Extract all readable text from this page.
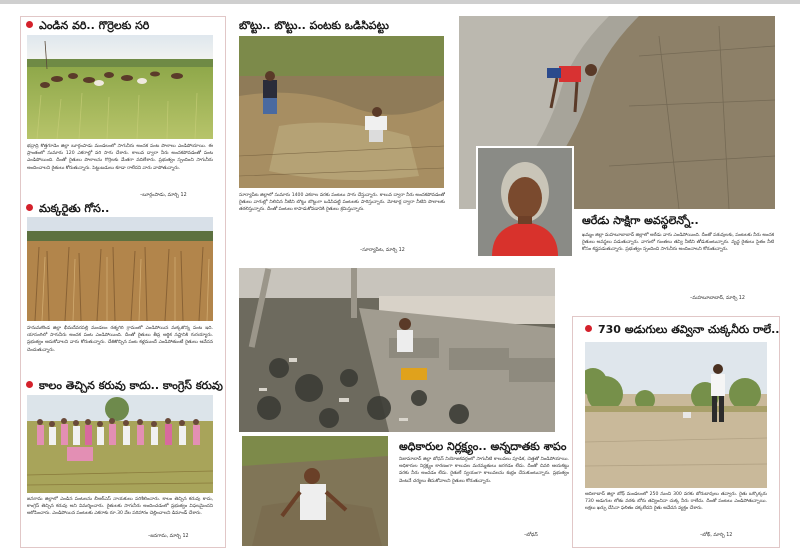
ఎండిన వరి.. గొర్రెలకు సరి
భద్రాద్రి కొత్తగూడెం జిల్లా బూర్గంపాడు మండలంలో సాగునీరు అందక పంట పొలాలు ఎండిపోయాయి. ఈ ప్రాంతంలో సుమారు 120 ఎకరాల్లో వరి సాగు చేశారు. కాలువ ద్వారా నీరు అందకపోవడంతో పంట ఎండిపోయింది. దీంతో రైతులు పొలాలను గొర్రెలకు మేతగా వదిలేశారు. ప్రభుత్వం స్పందించి సాగునీరు అందించాలని రైతులు కోరుతున్నారు. పెట్టుబడులు కూడా రాలేదని వారు వాపోతున్నారు.
–బూర్గంపాడు, మార్చి 12
మక్కరైతు గోస..
హనుమకొండ జిల్లా భీమదేవరపల్లి మండలం రత్నగిరి గ్రామంలో ఎండిపోయిన మక్కజొన్న పంట ఇది. యాసంగిలో సాగునీరు అందక పంట ఎండిపోయింది. దీంతో రైతులు తీవ్ర ఆర్థిక నష్టానికి గురయ్యారు. ప్రభుత్వం ఆదుకోవాలని వారు కోరుతున్నారు. చేతికొచ్చిన పంట కళ్లముందే ఎండిపోతుంటే రైతులు ఆవేదన చెందుతున్నారు.
కాలం తెచ్చిన కరువు కాదు.. కాంగ్రెస్ కరువు
జనగామ జిల్లాలో ఎండిన పంటలను బీఆర్ఎస్ నాయకులు పరిశీలించారు. కాలం తెచ్చిన కరువు కాదు, కాంగ్రెస్ తెచ్చిన కరువు అని విమర్శించారు. రైతులకు సాగునీరు అందించడంలో ప్రభుత్వం విఫలమైందని ఆరోపించారు. ఎండిపోయిన పంటలకు ఎకరాకు రూ.30 వేల పరిహారం చెల్లించాలని డిమాండ్ చేశారు.
–జనగామ, మార్చి 12
బొట్టు.. బొట్టు.. పంటకు ఒడిసిపట్టు
సూర్యాపేట జిల్లాలో సుమారు 1400 ఎకరాల వరకు పంటలు సాగు చేస్తున్నారు. కాలువ ద్వారా నీరు అందకపోవడంతో రైతులు వాగుల్లో నిలిచిన నీటిని బొట్టు బొట్టుగా ఒడిసిపట్టి పంటలకు పారిస్తున్నారు. మోటార్ల ద్వారా నీటిని పొలాలకు తరలిస్తున్నారు. దీంతో పంటలు కాపాడుకోవడానికి రైతులు శ్రమిస్తున్నారు.
–సూర్యాపేట, మార్చి 12
అధికారుల నిర్లక్ష్యం.. అన్నదాతకు శాపం
నిజామాబాద్ జిల్లా బోధన్ నియోజకవర్గంలో సాగునీటి కాలువలు పూడిక, చెత్తతో నిండిపోయాయి. అధికారుల నిర్లక్ష్యం కారణంగా కాలువల మరమ్మతులు జరగడం లేదు. దీంతో చివరి ఆయకట్టు వరకు నీరు అందడం లేదు. రైతులే స్వయంగా కాలువలను శుభ్రం చేసుకుంటున్నారు. ప్రభుత్వం వెంటనే చర్యలు తీసుకోవాలని రైతులు కోరుతున్నారు.
–బోధన్
ఆరేడు సాక్షిగా అవస్థలెన్నో..
ఖమ్మం జిల్లా మహబూబాబాద్ జిల్లాలో ఆరేడు వాగు ఎండిపోయింది. దీంతో పశువులకు, పంటలకు నీరు అందక రైతులు అవస్థలు పడుతున్నారు. వాగులో గుంతలు తవ్వి నీటిని తోడుకుంటున్నారు. వృద్ధ రైతులు సైతం నీటి కోసం కష్టపడుతున్నారు. ప్రభుత్వం స్పందించి సాగునీరు అందించాలని కోరుతున్నారు.
–మహబూబాబాద్, మార్చి 12
730 అడుగులు తవ్వినా చుక్కనీరు రాలే..
ఆదిలాబాద్ జిల్లా బోథ్ మండలంలో 250 నుంచి 300 వరకు బోరుబావులు తవ్వారు. రైతు ఒక్కొక్కరు 730 అడుగుల లోతు వరకు బోరు తవ్వించినా చుక్క నీరు రాలేదు. దీంతో పంటలు ఎండిపోతున్నాయి. లక్షలు ఖర్చు చేసినా ఫలితం దక్కలేదని రైతు ఆవేదన వ్యక్తం చేశారు.
–బోథ్, మార్చి 12
